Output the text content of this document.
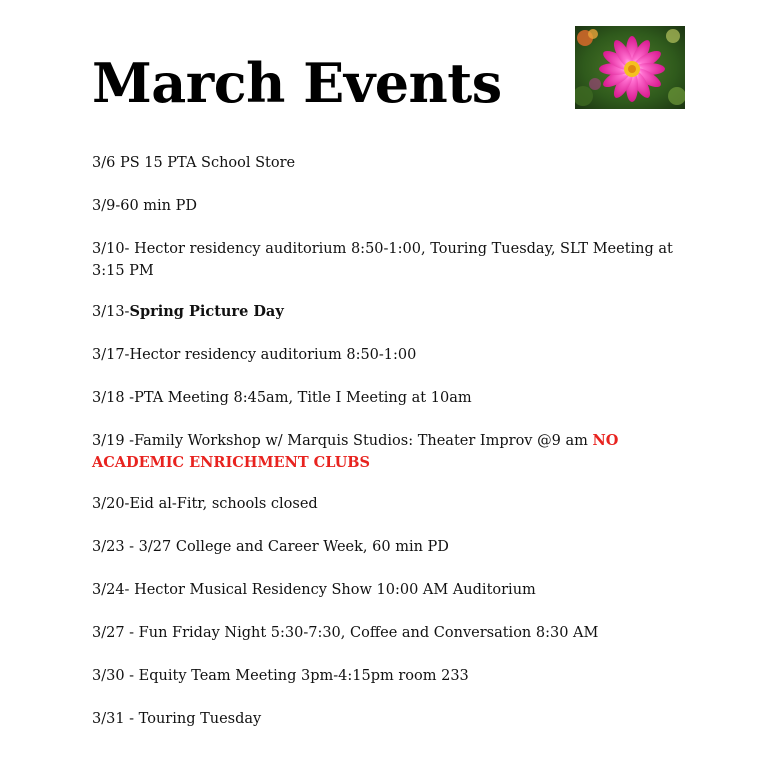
March Events
3/6 PS 15 PTA School Store
3/9-60 min PD
3/10- Hector residency auditorium 8:50-1:00, Touring Tuesday, SLT Meeting at 3:15 PM
3/13-Spring Picture Day
3/17-Hector residency auditorium 8:50-1:00
3/18 -PTA Meeting 8:45am, Title I Meeting at 10am
3/19 -Family Workshop w/ Marquis Studios: Theater Improv @9 am NO ACADEMIC ENRICHMENT CLUBS
3/20-Eid al-Fitr, schools closed
3/23 - 3/27 College and Career Week, 60 min PD
3/24- Hector Musical Residency Show 10:00 AM Auditorium
3/27 - Fun Friday Night 5:30-7:30, Coffee and Conversation 8:30 AM
3/30 - Equity Team Meeting 3pm-4:15pm room 233
3/31 - Touring Tuesday
